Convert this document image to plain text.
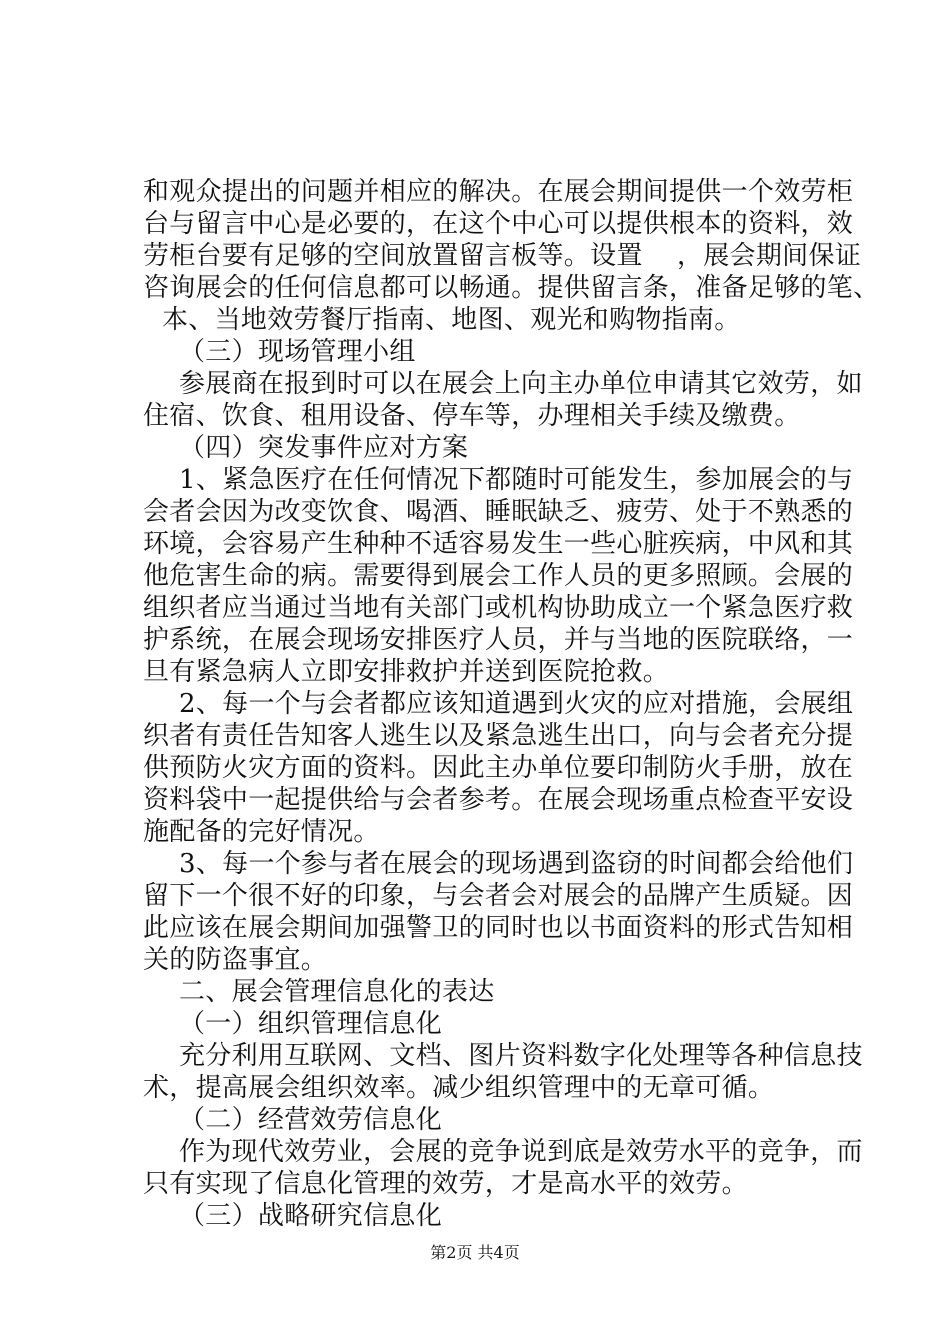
和观众提出的问题并相应的解决。在展会期间提供一个效劳柜
台与留言中心是必要的，在这个中心可以提供根本的资料，效
劳柜台要有足够的空间放置留言板等。设置    ，展会期间保证
咨询展会的任何信息都可以畅通。提供留言条，准备足够的笔、
本、当地效劳餐厅指南、地图、观光和购物指南。
（三）现场管理小组
参展商在报到时可以在展会上向主办单位申请其它效劳，如
住宿、饮食、租用设备、停车等，办理相关手续及缴费。
（四）突发事件应对方案
1、紧急医疗在任何情况下都随时可能发生，参加展会的与
会者会因为改变饮食、喝酒、睡眠缺乏、疲劳、处于不熟悉的
环境，会容易产生种种不适容易发生一些心脏疾病，中风和其
他危害生命的病。需要得到展会工作人员的更多照顾。会展的
组织者应当通过当地有关部门或机构协助成立一个紧急医疗救
护系统，在展会现场安排医疗人员，并与当地的医院联络，一
旦有紧急病人立即安排救护并送到医院抢救。
2、每一个与会者都应该知道遇到火灾的应对措施，会展组
织者有责任告知客人逃生以及紧急逃生出口，向与会者充分提
供预防火灾方面的资料。因此主办单位要印制防火手册，放在
资料袋中一起提供给与会者参考。在展会现场重点检查平安设
施配备的完好情况。
3、每一个参与者在展会的现场遇到盗窃的时间都会给他们
留下一个很不好的印象，与会者会对展会的品牌产生质疑。因
此应该在展会期间加强警卫的同时也以书面资料的形式告知相
关的防盗事宜。
二、展会管理信息化的表达
（一）组织管理信息化
充分利用互联网、文档、图片资料数字化处理等各种信息技
术，提高展会组织效率。减少组织管理中的无章可循。
（二）经营效劳信息化
作为现代效劳业，会展的竞争说到底是效劳水平的竞争，而
只有实现了信息化管理的效劳，才是高水平的效劳。
（三）战略研究信息化
第2页 共4页
